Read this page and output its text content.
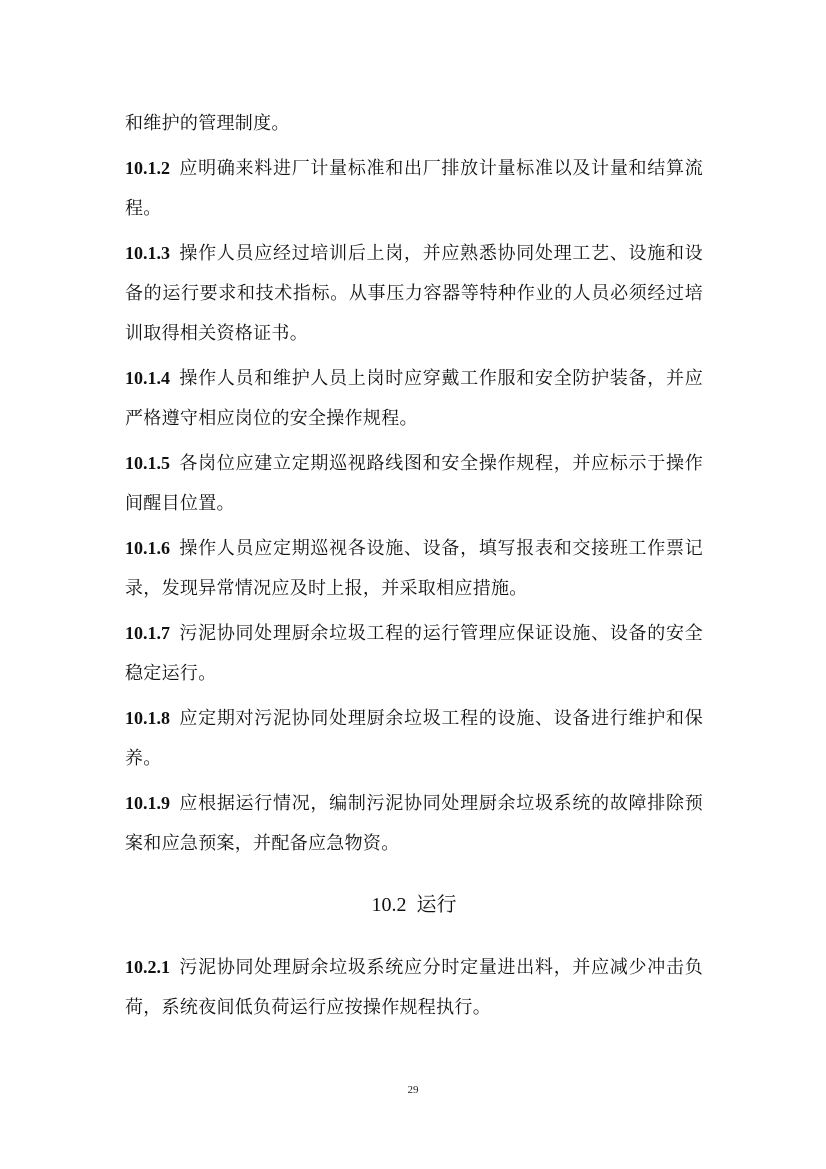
和维护的管理制度。

10.1.2 应明确来料进厂计量标准和出厂排放计量标准以及计量和结算流程。

10.1.3 操作人员应经过培训后上岗，并应熟悉协同处理工艺、设施和设备的运行要求和技术指标。从事压力容器等特种作业的人员必须经过培训取得相关资格证书。

10.1.4 操作人员和维护人员上岗时应穿戴工作服和安全防护装备，并应严格遵守相应岗位的安全操作规程。

10.1.5 各岗位应建立定期巡视路线图和安全操作规程，并应标示于操作间醒目位置。

10.1.6 操作人员应定期巡视各设施、设备，填写报表和交接班工作票记录，发现异常情况应及时上报，并采取相应措施。

10.1.7 污泥协同处理厨余垃圾工程的运行管理应保证设施、设备的安全稳定运行。

10.1.8 应定期对污泥协同处理厨余垃圾工程的设施、设备进行维护和保养。

10.1.9 应根据运行情况，编制污泥协同处理厨余垃圾系统的故障排除预案和应急预案，并配备应急物资。

10.2 运行

10.2.1 污泥协同处理厨余垃圾系统应分时定量进出料，并应减少冲击负荷，系统夜间低负荷运行应按操作规程执行。

29
